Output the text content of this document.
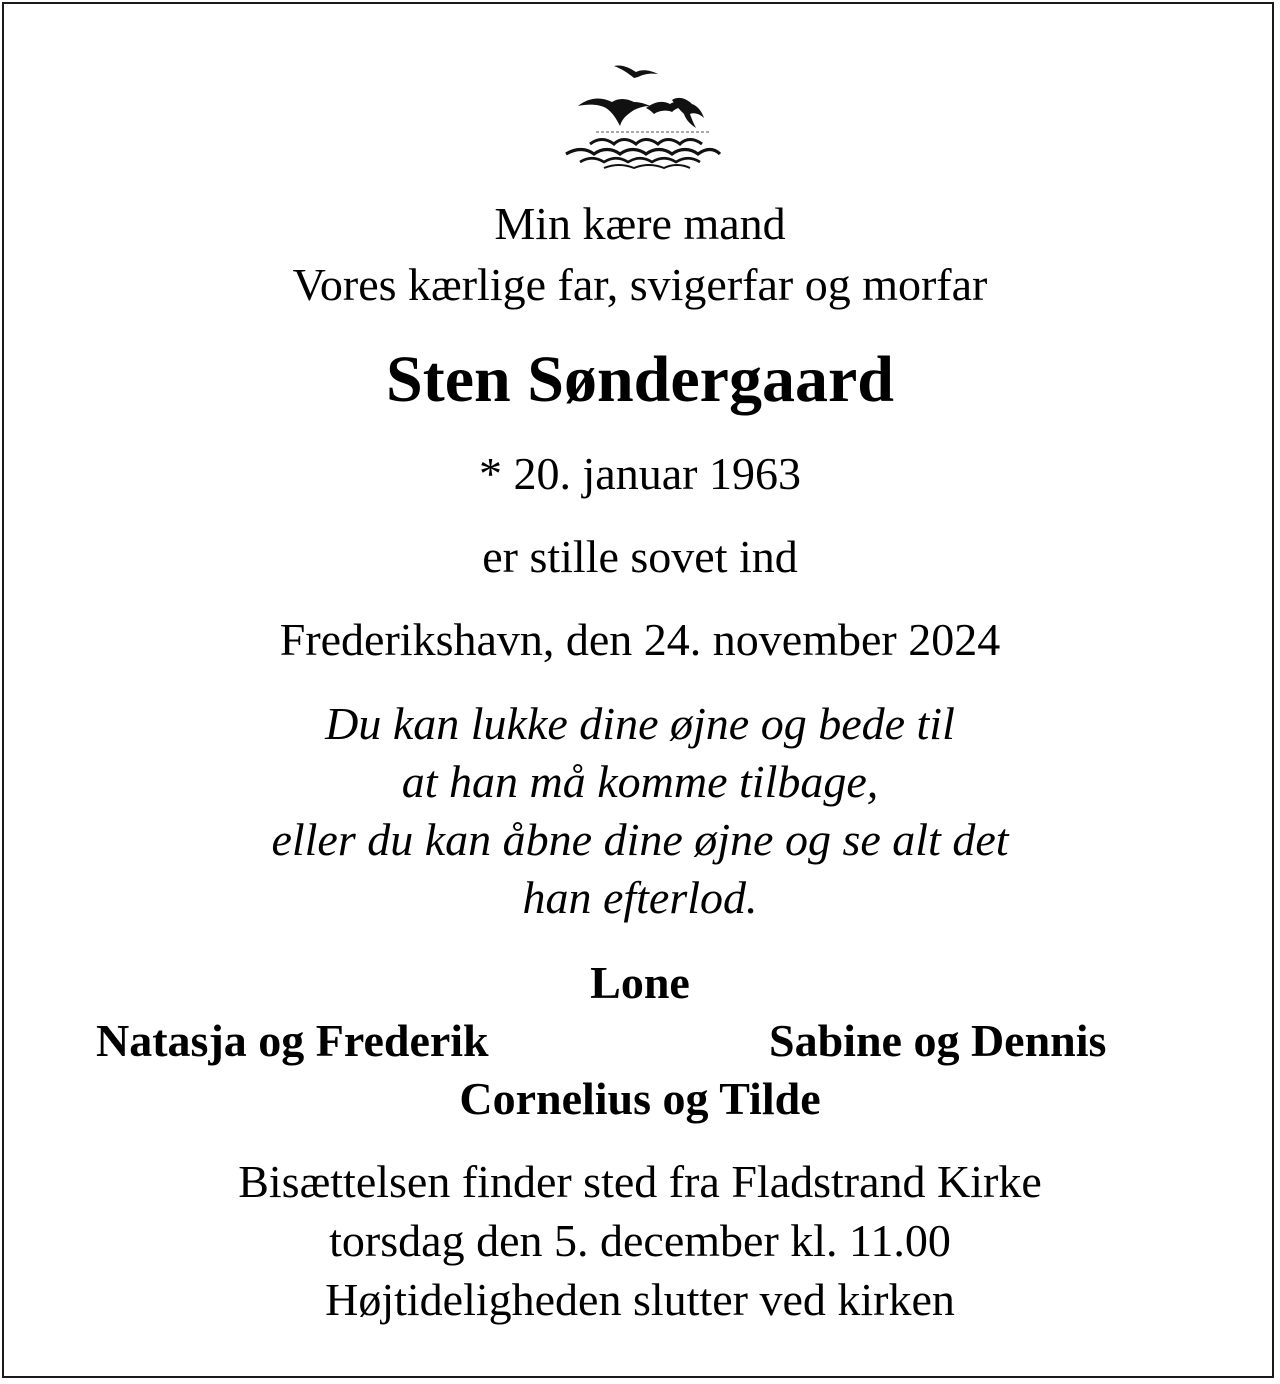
Min kære mand
Vores kærlige far, svigerfar og morfar
Sten Søndergaard
* 20. januar 1963
er stille sovet ind
Frederikshavn, den 24. november 2024
Du kan lukke dine øjne og bede til
at han må komme tilbage,
eller du kan åbne dine øjne og se alt det
han efterlod.
Lone
Natasja og Frederik	Sabine og Dennis
Cornelius og Tilde
Bisættelsen finder sted fra Fladstrand Kirke
torsdag den 5. december kl. 11.00
Højtideligheden slutter ved kirken
